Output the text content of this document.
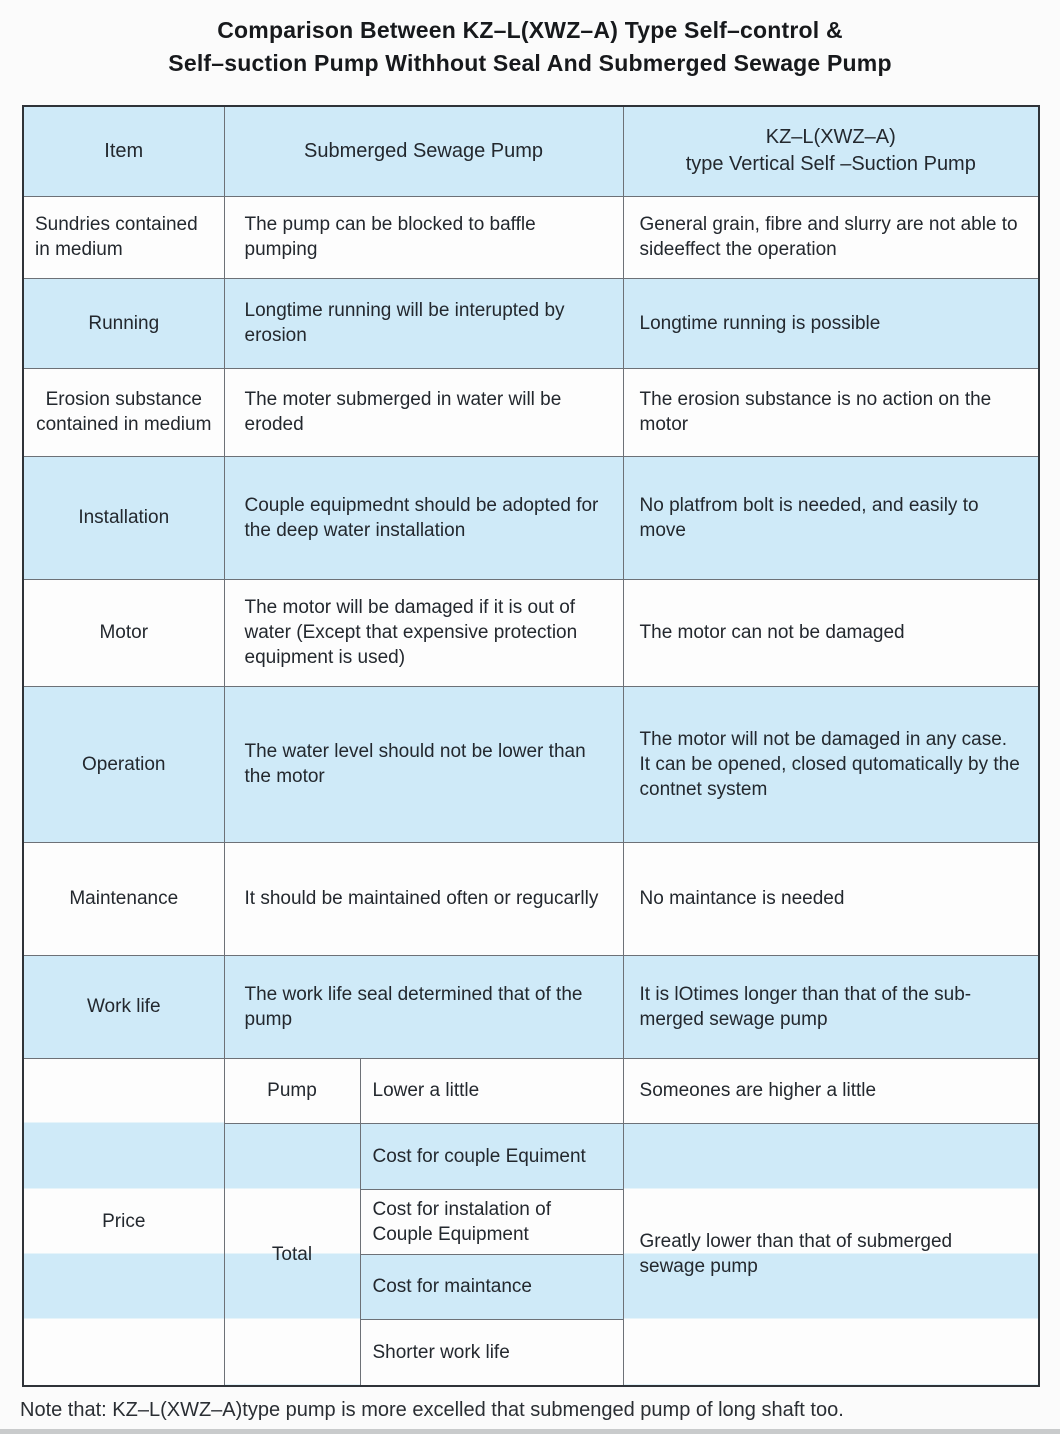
Comparison Between KZ–L(XWZ–A) Type Self–control &
Self–suction Pump Withhout Seal And Submerged Sewage Pump
Item	Submerged Sewage Pump		KZ–L(XWZ–A)
type Vertical Self –Suction Pump

Sundries contained in medium	The pump can be blocked to baffle pumping		General grain, fibre and slurry are not able to sideeffect the operation
Running	Longtime running will be interupted by erosion		Longtime running is possible
Erosion substance contained in medium	The moter submerged in water will be eroded		The erosion substance is no action on the motor
Installation	Couple equipmednt should be adopted for the deep water installation		No platfrom bolt is needed, and easily to move
Motor	The motor will be damaged if it is out of water (Except that expensive protection equipment is used)		The motor can not be damaged
Operation	The water level should not be lower than the motor		The motor will not be damaged in any case. It can be opened, closed qutomatically by the contnet system
Maintenance	It should be maintained often or regucarlly		No maintance is needed
Work life	The work life seal determined that of the pump		It is lOtimes longer than that of the sub-merged sewage pump
Price	Pump	Lower a little	Someones are higher a little
	Total	Cost for couple Equiment	Greatly lower than that of submerged sewage pump
		Cost for instalation of Couple Equipment	
		Cost for maintance	
		Shorter work life	
Note that: KZ–L(XWZ–A)type pump is more excelled that submenged pump of long shaft too.
